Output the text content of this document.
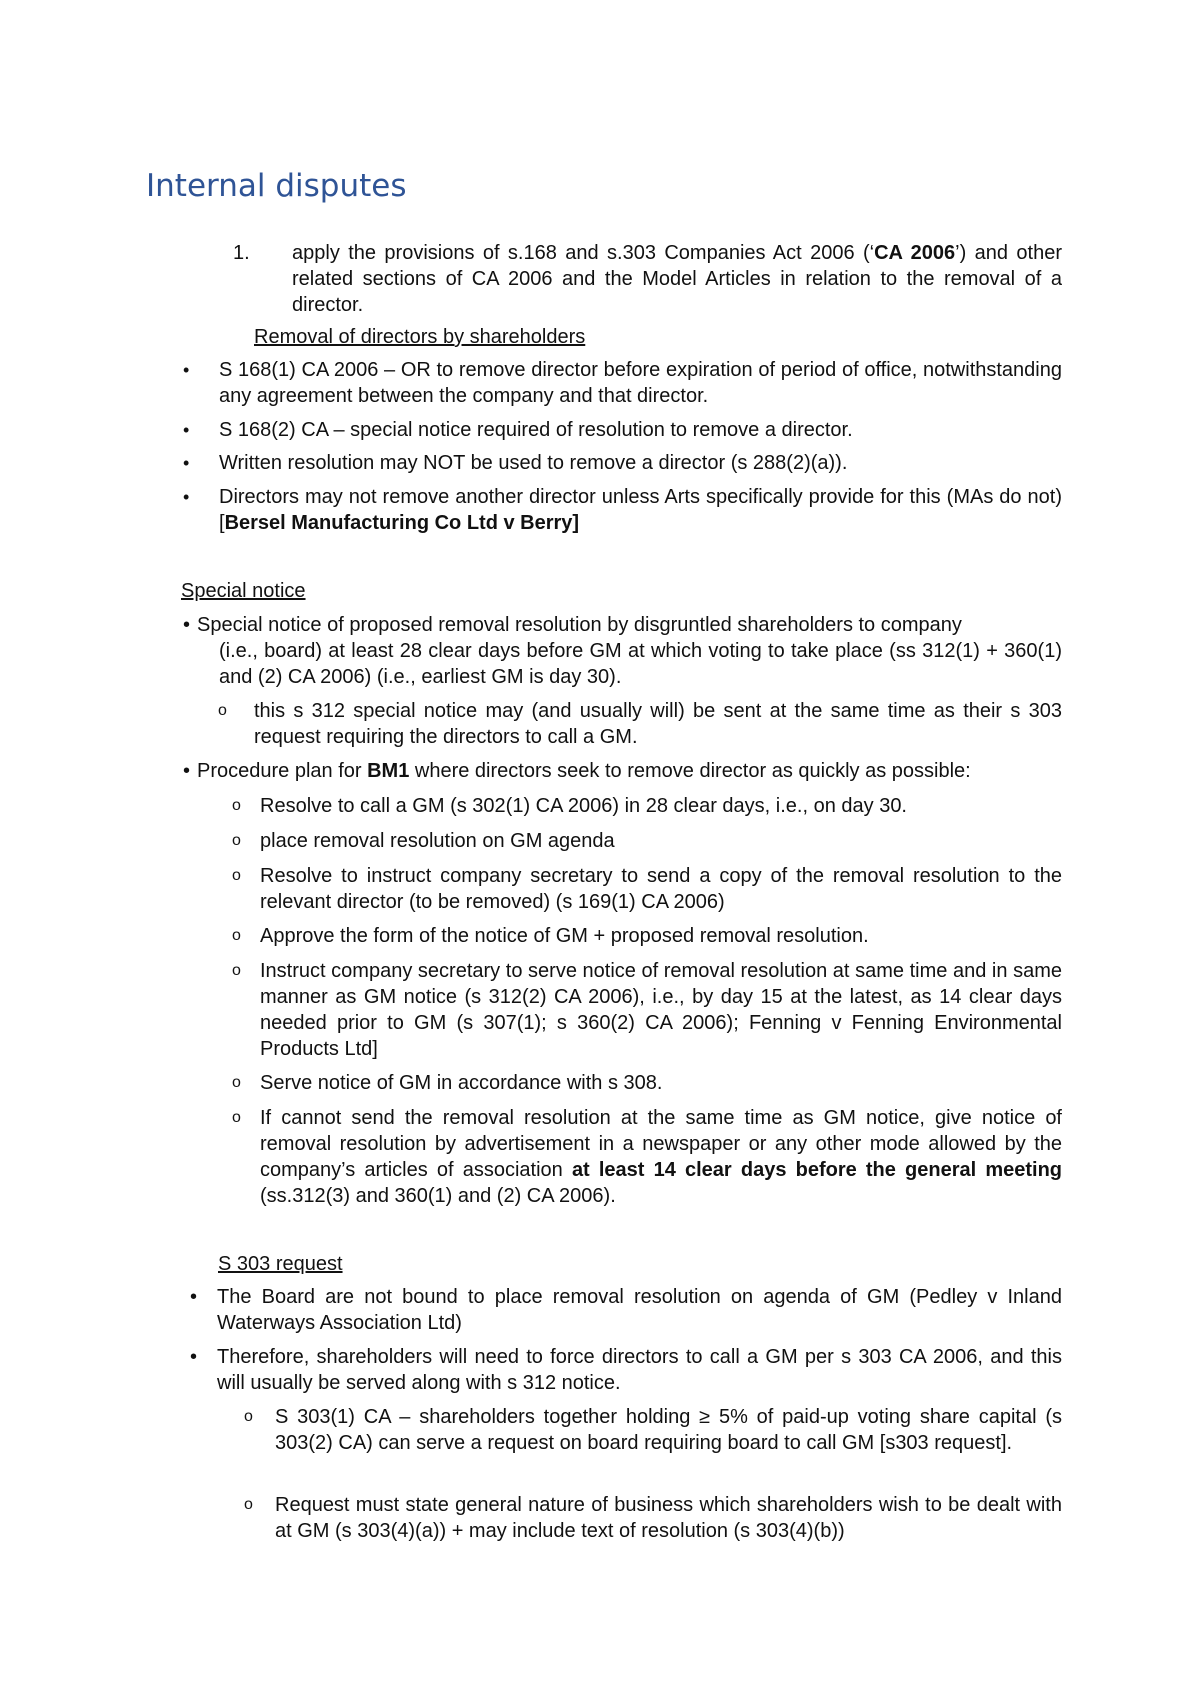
Internal disputes
1. apply the provisions of s.168 and s.303 Companies Act 2006 (‘CA 2006’) and other related sections of CA 2006 and the Model Articles in relation to the removal of a director.
Removal of directors by shareholders
• S 168(1) CA 2006 – OR to remove director before expiration of period of office, notwithstanding any agreement between the company and that director.
• S 168(2) CA – special notice required of resolution to remove a director.
• Written resolution may NOT be used to remove a director (s 288(2)(a)).
• Directors may not remove another director unless Arts specifically provide for this (MAs do not) [Bersel Manufacturing Co Ltd v Berry]
Special notice
• Special notice of proposed removal resolution by disgruntled shareholders to company

(i.e., board) at least 28 clear days before GM at which voting to take place (ss 312(1) + 360(1) and (2) CA 2006) (i.e., earliest GM is day 30).
o this s 312 special notice may (and usually will) be sent at the same time as their s 303 request requiring the directors to call a GM.
• Procedure plan for BM1 where directors seek to remove director as quickly as possible:
o Resolve to call a GM (s 302(1) CA 2006) in 28 clear days, i.e., on day 30.
o place removal resolution on GM agenda
o Resolve to instruct company secretary to send a copy of the removal resolution to the relevant director (to be removed) (s 169(1) CA 2006)
o Approve the form of the notice of GM + proposed removal resolution.
o Instruct company secretary to serve notice of removal resolution at same time and in same manner as GM notice (s 312(2) CA 2006), i.e., by day 15 at the latest, as 14 clear days needed prior to GM (s 307(1); s 360(2) CA 2006); Fenning v Fenning Environmental Products Ltd]
o Serve notice of GM in accordance with s 308.
o If cannot send the removal resolution at the same time as GM notice, give notice of removal resolution by advertisement in a newspaper or any other mode allowed by the company’s articles of association at least 14 clear days before the general meeting (ss.312(3) and 360(1) and (2) CA 2006).
S 303 request
• The Board are not bound to place removal resolution on agenda of GM (Pedley v Inland Waterways Association Ltd)
• Therefore, shareholders will need to force directors to call a GM per s 303 CA 2006, and this will usually be served along with s 312 notice.
o S 303(1) CA – shareholders together holding ≥ 5% of paid-up voting share capital (s 303(2) CA) can serve a request on board requiring board to call GM [s303 request].
o Request must state general nature of business which shareholders wish to be dealt with at GM (s 303(4)(a)) + may include text of resolution (s 303(4)(b))
